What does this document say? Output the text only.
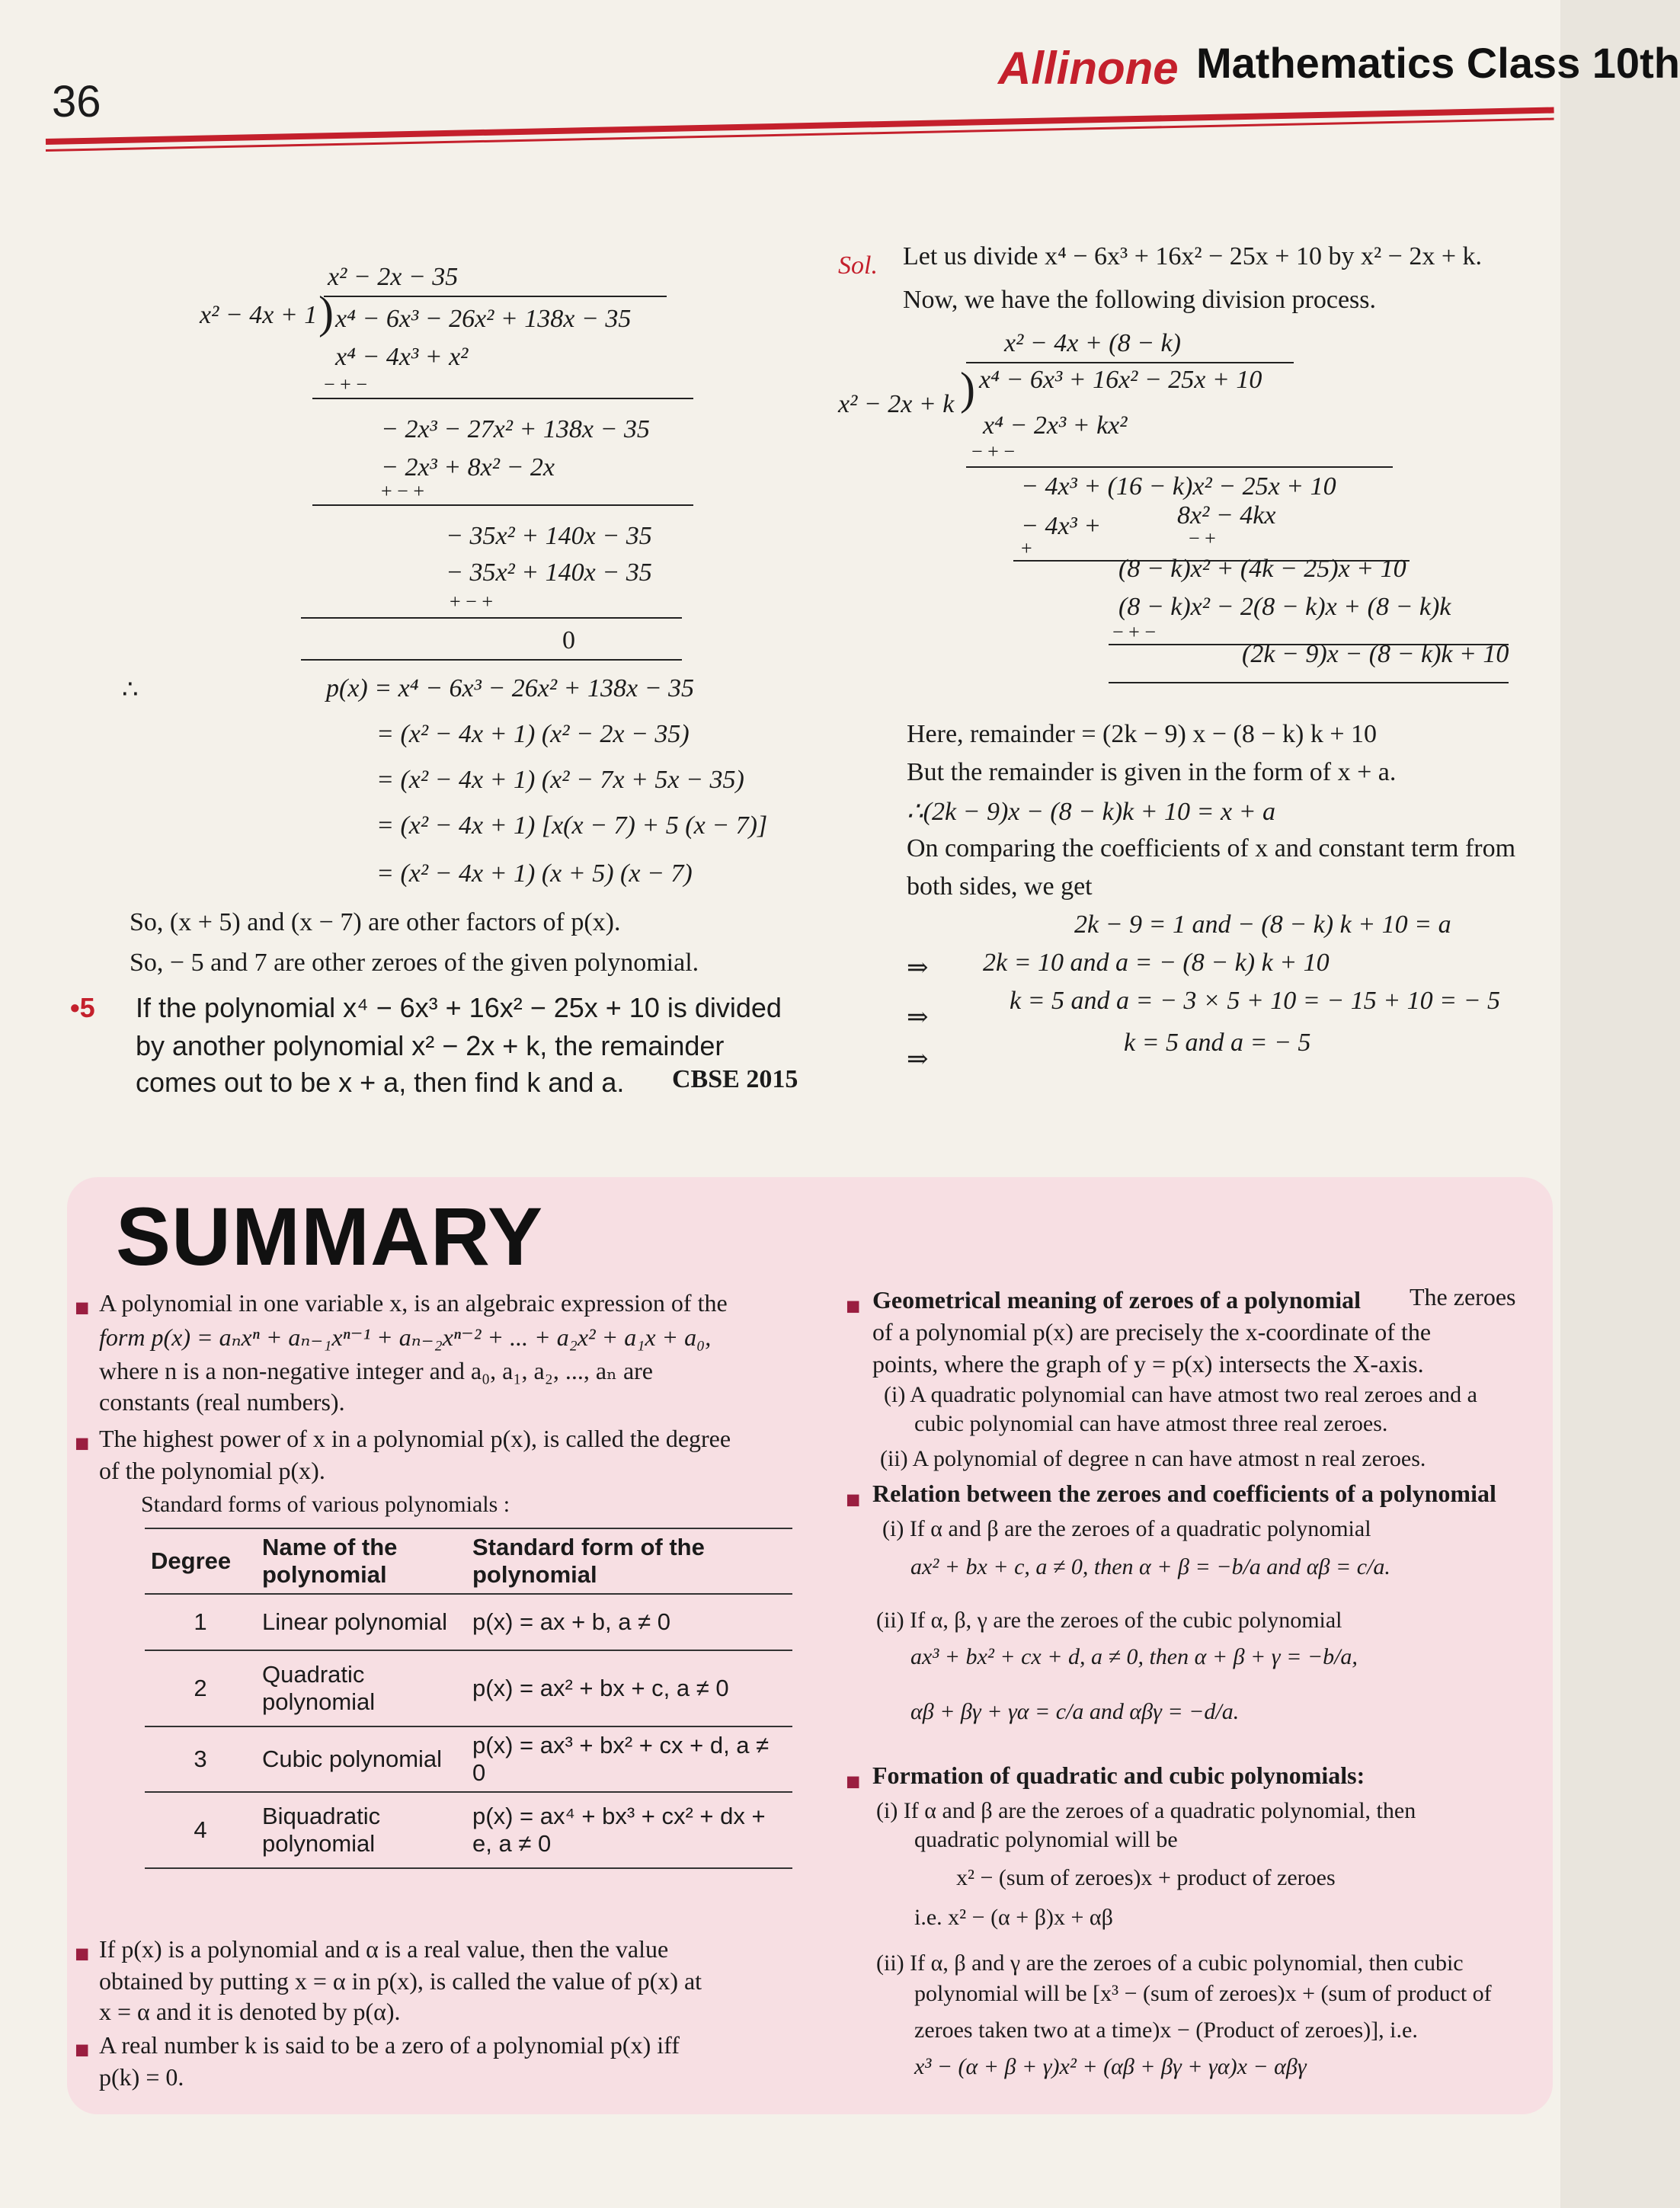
36
Allinone Mathematics Class 10th
x² − 2x − 35
x² − 4x + 1 ) x⁴ − 6x³ − 26x² + 138x − 35
x⁴ − 4x³ + x²
− + −
− 2x³ − 27x² + 138x − 35
− 2x³ + 8x² − 2x
+ − +
− 35x² + 140x − 35
− 35x² + 140x − 35
+ − +
0
∴	p(x) = x⁴ − 6x³ − 26x² + 138x − 35
= (x² − 4x + 1) (x² − 2x − 35)
= (x² − 4x + 1) (x² − 7x + 5x − 35)
= (x² − 4x + 1) [x(x − 7) + 5 (x − 7)]
= (x² − 4x + 1) (x + 5) (x − 7)
So, (x + 5) and (x − 7) are other factors of p(x).
So, − 5 and 7 are other zeroes of the given polynomial.
•5 If the polynomial x⁴ − 6x³ + 16x² − 25x + 10 is divided
by another polynomial x² − 2x + k, the remainder
comes out to be x + a, then find k and a. CBSE 2015
Sol. Let us divide x⁴ − 6x³ + 16x² − 25x + 10 by x² − 2x + k.
Now, we have the following division process.
x² − 4x + (8 − k)
x² − 2x + k ) x⁴ − 6x³ + 16x² − 25x + 10
x⁴ − 2x³ + kx²
− + −
− 4x³ + (16 − k)x² − 25x + 10
− 4x³ +	8x² − 4kx
+	− +
(8 − k)x² + (4k − 25)x + 10
(8 − k)x² − 2(8 − k)x + (8 − k)k
− + −
(2k − 9)x − (8 − k)k + 10
Here, remainder = (2k − 9) x − (8 − k) k + 10
But the remainder is given in the form of x + a.
∴(2k − 9)x − (8 − k)k + 10 = x + a
On comparing the coefficients of x and constant term from
both sides, we get
2k − 9 = 1 and − (8 − k) k + 10 = a
⇒ 2k = 10 and a = − (8 − k) k + 10
⇒
k = 5 and a = − 3 × 5 + 10 = − 15 + 10 = − 5
⇒
k = 5 and a = − 5
SUMMARY
■ A polynomial in one variable x, is an algebraic expression of the
form p(x) = aₙxⁿ + aₙ₋₁xⁿ⁻¹ + aₙ₋₂xⁿ⁻² + ... + a₂x² + a₁x + a₀,
where n is a non-negative integer and a₀, a₁, a₂, ..., aₙ are
constants (real numbers).
■ The highest power of x in a polynomial p(x), is called the degree
of the polynomial p(x).
Standard forms of various polynomials :
Degree	Name of the polynomial	Standard form of the polynomial
1	Linear polynomial	p(x) = ax + b, a ≠ 0
2	Quadratic polynomial	p(x) = ax² + bx + c, a ≠ 0
3	Cubic polynomial	p(x) = ax³ + bx² + cx + d, a ≠ 0
4	Biquadratic polynomial	p(x) = ax⁴ + bx³ + cx² + dx + e, a ≠ 0
■ If p(x) is a polynomial and α is a real value, then the value
obtained by putting x = α in p(x), is called the value of p(x) at
x = α and it is denoted by p(α).
■ A real number k is said to be a zero of a polynomial p(x) iff
p(k) = 0.
■ Geometrical meaning of zeroes of a polynomial The zeroes
of a polynomial p(x) are precisely the x-coordinate of the
points, where the graph of y = p(x) intersects the X-axis.
(i) A quadratic polynomial can have atmost two real zeroes and a
cubic polynomial can have atmost three real zeroes.
(ii) A polynomial of degree n can have atmost n real zeroes.
■ Relation between the zeroes and coefficients of a polynomial
(i) If α and β are the zeroes of a quadratic polynomial
ax² + bx + c, a ≠ 0, then α + β = −b/a and αβ = c/a.
(ii) If α, β, γ are the zeroes of the cubic polynomial
ax³ + bx² + cx + d, a ≠ 0, then α + β + γ = −b/a,
αβ + βγ + γα = c/a and αβγ = −d/a.
■ Formation of quadratic and cubic polynomials:
(i) If α and β are the zeroes of a quadratic polynomial, then
quadratic polynomial will be
x² − (sum of zeroes)x + product of zeroes
i.e. x² − (α + β)x + αβ
(ii) If α, β and γ are the zeroes of a cubic polynomial, then cubic
polynomial will be [x³ − (sum of zeroes)x + (sum of product of
zeroes taken two at a time)x − (Product of zeroes)], i.e.
x³ − (α + β + γ)x² + (αβ + βγ + γα)x − αβγ
